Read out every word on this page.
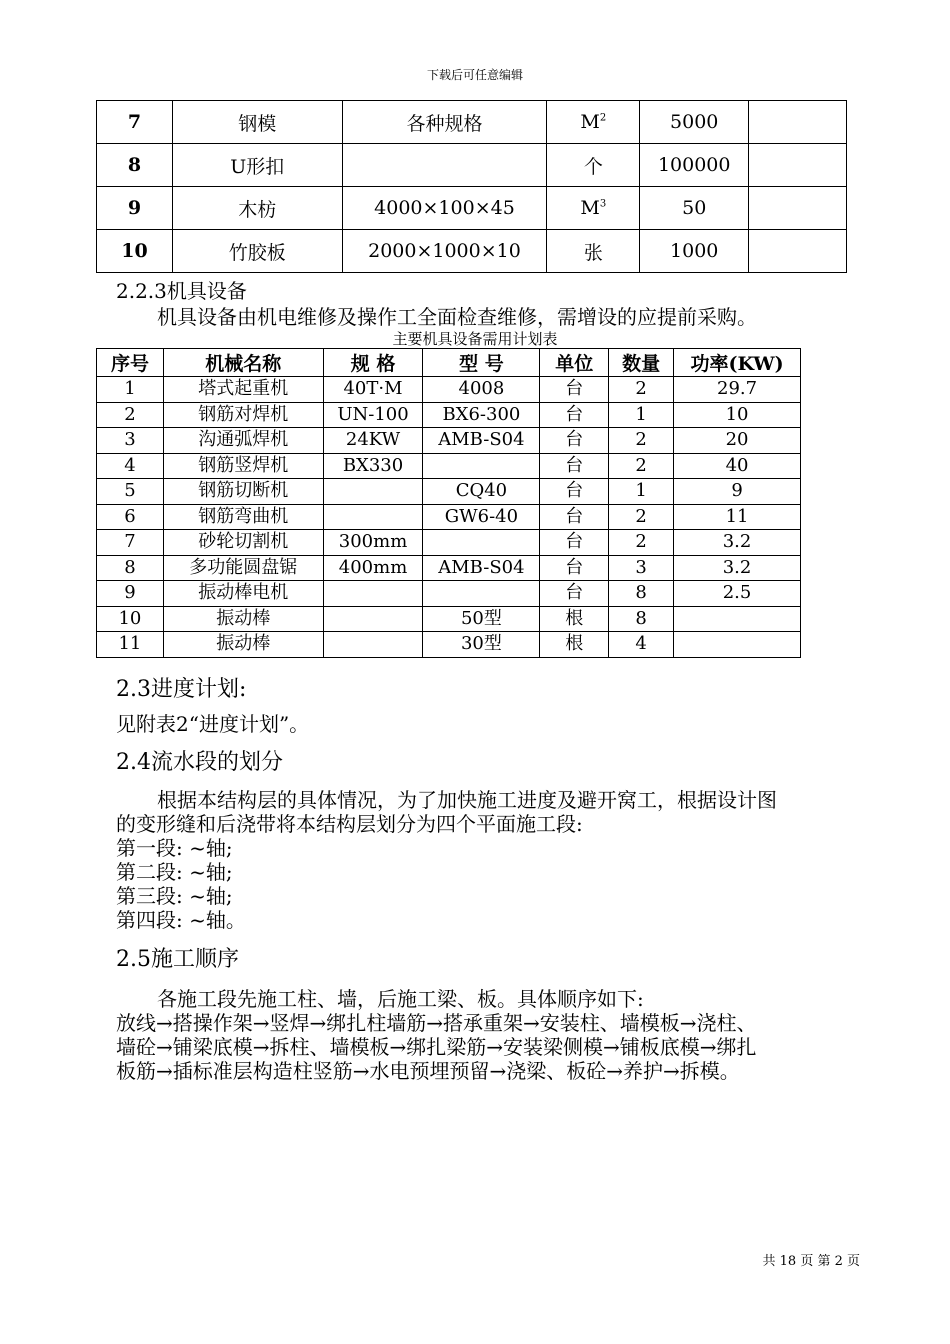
下载后可任意编辑
7	钢模	各种规格	$M^2$	5000	
8	U形扣		个	100000	
9	木枋	4000×100×45	$M^3$	50	
10	竹胶板	2000×1000×10	张	1000	
2.2.3机具设备
机具设备由机电维修及操作工全面检查维修，需增设的应提前采购。
主要机具设备需用计划表
序号	机械名称	规 格	型 号	单位	数量	功率(KW)
1	塔式起重机	40T·M	4008	台	2	29.7
2	钢筋对焊机	UN-100	BX6-300	台	1	10
3	沟通弧焊机	24KW	AMB-S04	台	2	20
4	钢筋竖焊机	BX330		台	2	40
5	钢筋切断机		CQ40	台	1	9
6	钢筋弯曲机		GW6-40	台	2	11
7	砂轮切割机	300mm		台	2	3.2
8	多功能圆盘锯	400mm	AMB-S04	台	3	3.2
9	振动棒电机			台	8	2.5
10	振动棒		50型	根	8	
11	振动棒		30型	根	4	
2.3进度计划:
见附表2“进度计划”。
2.4流水段的划分
根据本结构层的具体情况，为了加快施工进度及避开窝工，根据设计图
的变形缝和后浇带将本结构层划分为四个平面施工段:
第一段: ~轴;
第二段: ~轴;
第三段: ~轴;
第四段: ~轴。
2.5施工顺序
各施工段先施工柱、墙，后施工梁、板。具体顺序如下:
放线→搭操作架→竖焊→绑扎柱墙筋→搭承重架→安装柱、墙模板→浇柱、
墙砼→铺梁底模→拆柱、墙模板→绑扎梁筋→安装梁侧模→铺板底模→绑扎
板筋→插标准层构造柱竖筋→水电预埋预留→浇梁、板砼→养护→拆模。
共 18 页 第 2 页
